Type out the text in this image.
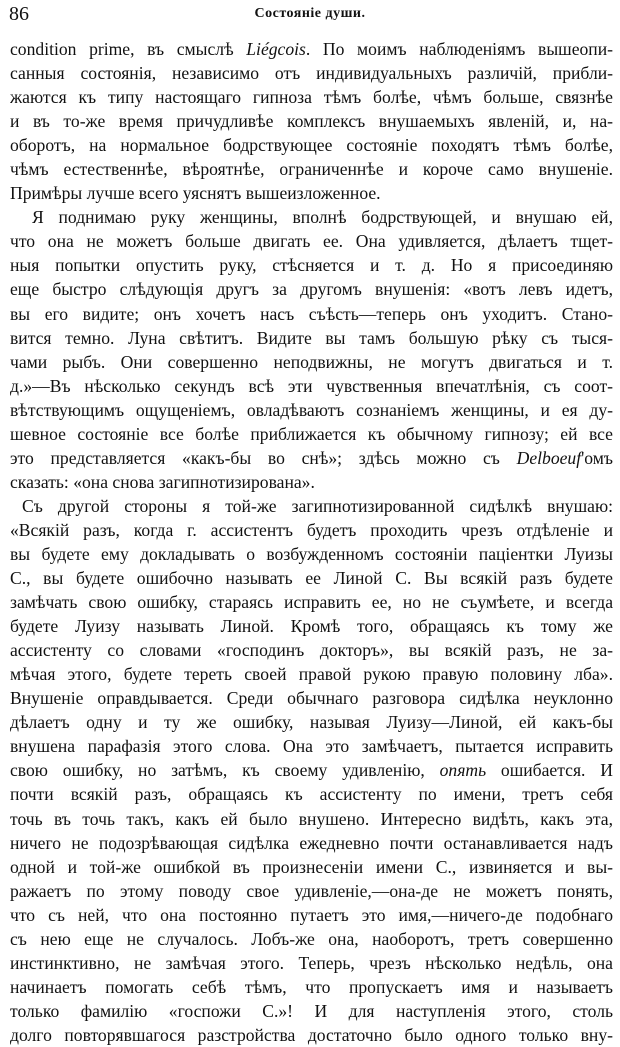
86	Состояніе души.
condition prime, въ смыслѣ Liégcois. По моимъ наблюденіямъ вышеопи-
санныя состоянія, независимо отъ индивидуальныхъ различій, прибли-
жаются къ типу настоящаго гипноза тѣмъ болѣе, чѣмъ больше, связнѣе
и въ то-же время причудливѣе комплексъ внушаемыхъ явленій, и, на-
оборотъ, на нормальное бодрствующее состояніе походятъ тѣмъ болѣе,
чѣмъ естественнѣе, вѣроятнѣе, ограниченнѣе и короче само внушеніе.
Примѣры лучше всего уяснятъ вышеизложенное.
Я поднимаю руку женщины, вполнѣ бодрствующей, и внушаю ей,
что она не можетъ больше двигать ее. Она удивляется, дѣлаетъ тщет-
ныя попытки опустить руку, стѣсняется и т. д. Но я присоединяю
еще быстро слѣдующія другъ за другомъ внушенія: «вотъ левъ идетъ,
вы его видите; онъ хочетъ насъ съѣсть—теперь онъ уходитъ. Стано-
вится темно. Луна свѣтитъ. Видите вы тамъ большую рѣку съ тыся-
чами рыбъ. Они совершенно неподвижны, не могутъ двигаться и т.
д.»—Въ нѣсколько секундъ всѣ эти чувственныя впечатлѣнія, съ соот-
вѣтствующимъ ощущеніемъ, овладѣваютъ сознаніемъ женщины, и ея ду-
шевное состояніе все болѣе приближается къ обычному гипнозу; ей все
это представляется «какъ-бы во снѣ»; здѣсь можно съ Delboeuf'омъ
сказать: «она снова загипнотизирована».
Съ другой стороны я той-же загипнотизированной сидѣлкѣ внушаю:
«Всякій разъ, когда г. ассистентъ будетъ проходить чрезъ отдѣленіе и
вы будете ему докладывать о возбужденномъ состояніи паціентки Луизы
С., вы будете ошибочно называть ее Линой С. Вы всякій разъ будете
замѣчать свою ошибку, стараясь исправить ее, но не съумѣете, и всегда
будете Луизу называть Линой. Кромѣ того, обращаясь къ тому же
ассистенту со словами «господинъ докторъ», вы всякій разъ, не за-
мѣчая этого, будете тереть своей правой рукою правую половину лба».
Внушеніе оправдывается. Среди обычнаго разговора сидѣлка неуклонно
дѣлаетъ одну и ту же ошибку, называя Луизу—Линой, ей какъ-бы
внушена парафазія этого слова. Она это замѣчаетъ, пытается исправить
свою ошибку, но затѣмъ, къ своему удивленію, опять ошибается. И
почти всякій разъ, обращаясь къ ассистенту по имени, третъ себя
точь въ точь такъ, какъ ей было внушено. Интересно видѣть, какъ эта,
ничего не подозрѣвающая сидѣлка ежедневно почти останавливается надъ
одной и той-же ошибкой въ произнесеніи имени С., извиняется и вы-
ражаетъ по этому поводу свое удивленіе,—она-де не можетъ понять,
что съ ней, что она постоянно путаетъ это имя,—ничего-де подобнаго
съ нею еще не случалось. Лобъ-же она, наоборотъ, третъ совершенно
инстинктивно, не замѣчая этого. Теперь, чрезъ нѣсколько недѣль, она
начинаетъ помогать себѣ тѣмъ, что пропускаетъ имя и называетъ
только фамилію «госпожи С.»! И для наступленія этого, столь
долго повторявшагося разстройства достаточно было одного только вну-
